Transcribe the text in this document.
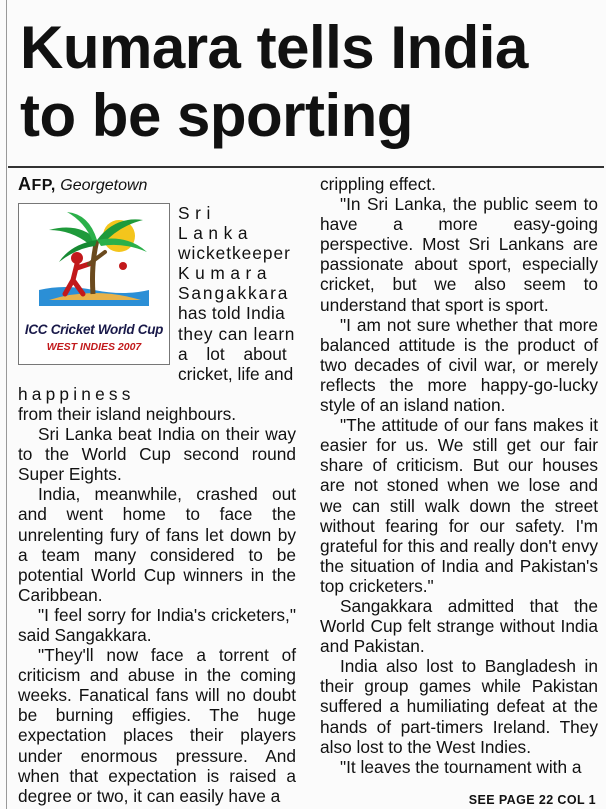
Kumara tells India
to be sporting
AFP, Georgetown
ICC Cricket World Cup
WEST INDIES 2007

Sri Lanka
wicketkeeper
Kumara
Sangakkara
has told India
they can learn
a lot about
cricket, life and
happiness
from their island neighbours.

Sri Lanka beat India on their way to the World Cup second round Super Eights.

India, meanwhile, crashed out and went home to face the unrelenting fury of fans let down by a team many considered to be potential World Cup winners in the Caribbean.

"I feel sorry for India's cricketers," said Sangakkara.

"They'll now face a torrent of criticism and abuse in the coming weeks. Fanatical fans will no doubt be burning effigies. The huge expectation places their players under enormous pressure. And when that expectation is raised a degree or two, it can easily have a

crippling effect.

"In Sri Lanka, the public seem to have a more easy-going perspective. Most Sri Lankans are passionate about sport, especially cricket, but we also seem to understand that sport is sport.

"I am not sure whether that more balanced attitude is the product of two decades of civil war, or merely reflects the more happy-go-lucky style of an island nation.

"The attitude of our fans makes it easier for us. We still get our fair share of criticism. But our houses are not stoned when we lose and we can still walk down the street without fearing for our safety. I'm grateful for this and really don't envy the situation of India and Pakistan's top cricketers."

Sangakkara admitted that the World Cup felt strange without India and Pakistan.

India also lost to Bangladesh in their group games while Pakistan suffered a humiliating defeat at the hands of part-timers Ireland. They also lost to the West Indies.

"It leaves the tournament with a

SEE PAGE 22 COL 1
